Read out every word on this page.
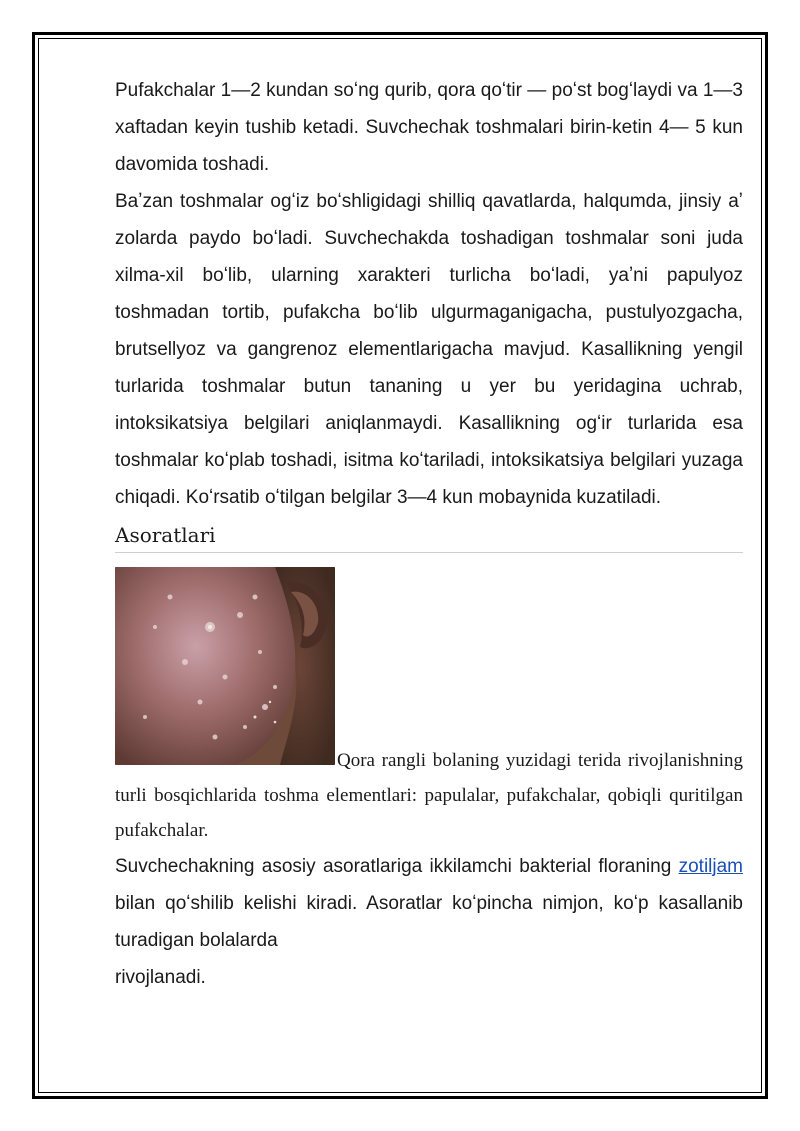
Pufakchalar 1—2 kundan soʻng qurib, qora qoʻtir — poʻst bogʻlaydi va 1—3 xaftadan keyin tushib ketadi. Suvchechak toshmalari birin-ketin 4— 5 kun davomida toshadi.

Baʼzan toshmalar ogʻiz boʻshligidagi shilliq qavatlarda, halqumda, jinsiy aʼ zolarda paydo boʻladi. Suvchechakda toshadigan toshmalar soni juda xilma-xil boʻlib, ularning xarakteri turlicha boʻladi, yaʼni papulyoz toshmadan tortib, pufakcha boʻlib ulgurmaganigacha, pustulyozgacha, brutsellyoz va gangrenoz elementlarigacha mavjud. Kasallikning yengil turlarida toshmalar butun tananing u yer bu yeridagina uchrab, intoksikatsiya belgilari aniqlanmaydi. Kasallikning ogʻir turlarida esa toshmalar koʻplab toshadi, isitma koʻtariladi, intoksikatsiya belgilari yuzaga chiqadi. Koʻrsatib oʻtilgan belgilar 3—4 kun mobaynida kuzatiladi.

Asoratlari
Qora rangli bolaning yuzidagi terida rivojlanishning turli bosqichlarida toshma elementlari: papulalar, pufakchalar, qobiqli quritilgan pufakchalar.

Suvchechakning asosiy asoratlariga ikkilamchi bakterial floraning zotiljam bilan qoʻshilib kelishi kiradi. Asoratlar koʻpincha nimjon, koʻp kasallanib turadigan bolalarda

rivojlanadi.
